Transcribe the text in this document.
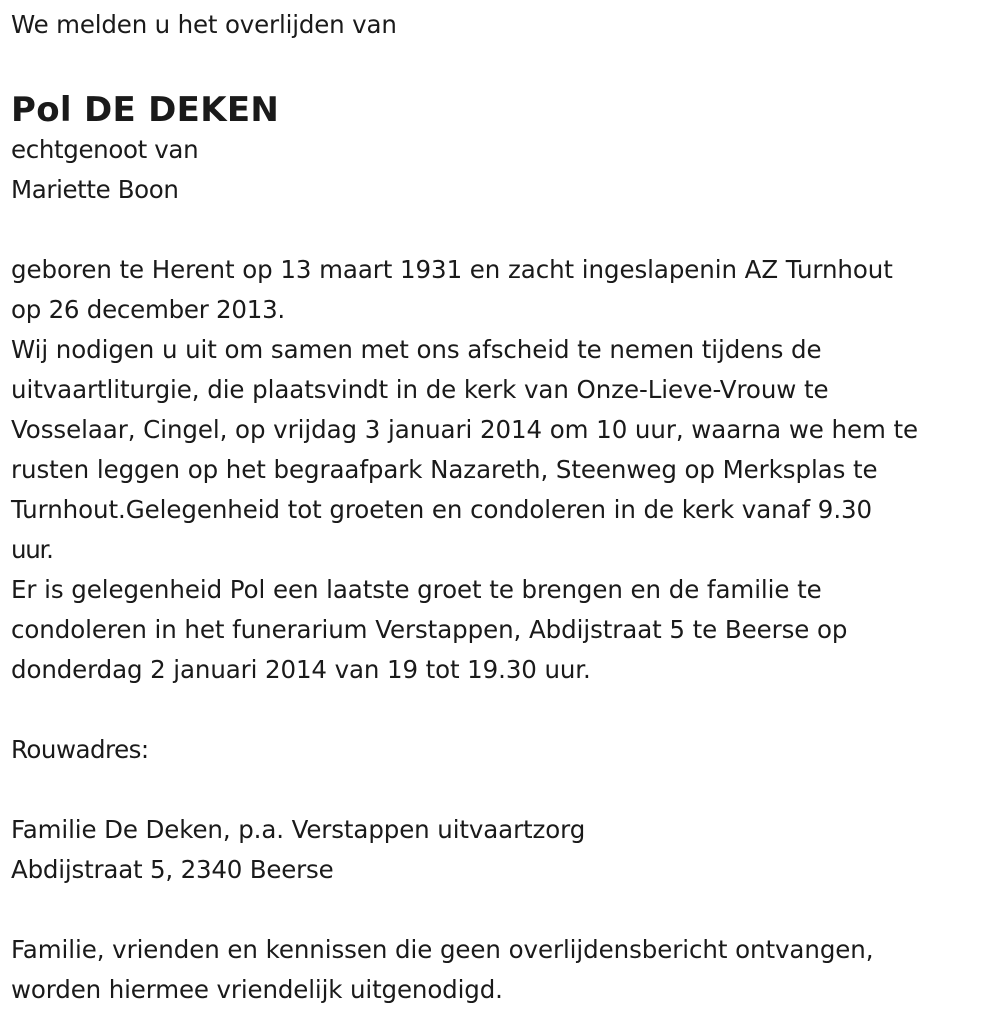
We melden u het overlijden van
Pol DE DEKEN
echtgenoot van
Mariette Boon
geboren te Herent op 13 maart 1931 en zacht ingeslapenin AZ Turnhout
op 26 december 2013.
Wij nodigen u uit om samen met ons afscheid te nemen tijdens de
uitvaartliturgie, die plaatsvindt in de kerk van Onze-Lieve-Vrouw te
Vosselaar, Cingel, op vrijdag 3 januari 2014 om 10 uur, waarna we hem te
rusten leggen op het begraafpark Nazareth, Steenweg op Merksplas te
Turnhout.Gelegenheid tot groeten en condoleren in de kerk vanaf 9.30
uur.
Er is gelegenheid Pol een laatste groet te brengen en de familie te
condoleren in het funerarium Verstappen, Abdijstraat 5 te Beerse op
donderdag 2 januari 2014 van 19 tot 19.30 uur.
Rouwadres:
Familie De Deken, p.a. Verstappen uitvaartzorg
Abdijstraat 5, 2340 Beerse
Familie, vrienden en kennissen die geen overlijdensbericht ontvangen,
worden hiermee vriendelijk uitgenodigd.
